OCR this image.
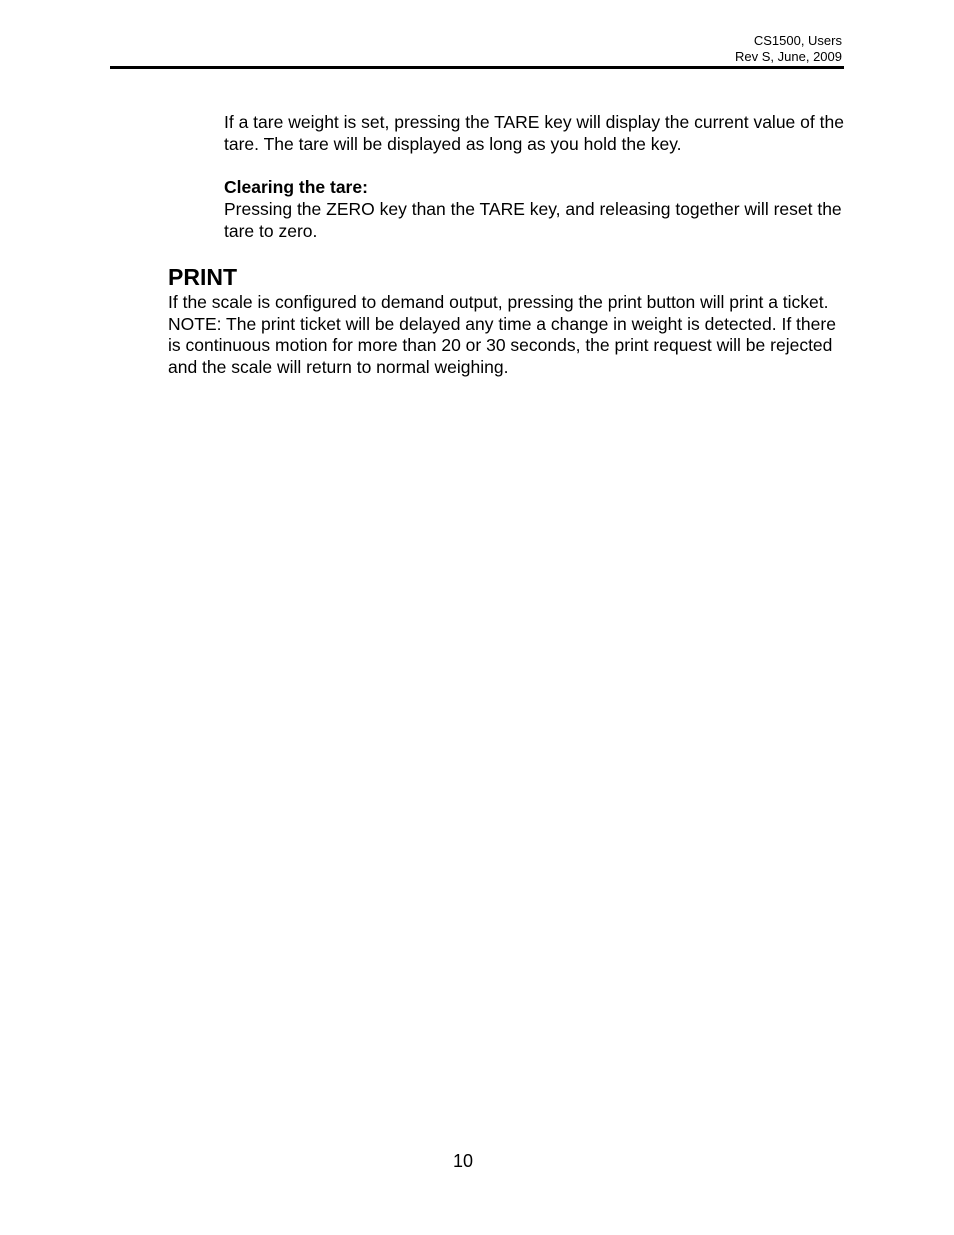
CS1500, Users
Rev S, June, 2009

If a tare weight is set, pressing the TARE key will display the current value of the tare. The tare will be displayed as long as you hold the key.

Clearing the tare:

Pressing the ZERO key than the TARE key, and releasing together will reset the tare to zero.

PRINT

If the scale is configured to demand output, pressing the print button will print a ticket. NOTE: The print ticket will be delayed any time a change in weight is detected. If there is continuous motion for more than 20 or 30 seconds, the print request will be rejected and the scale will return to normal weighing.

10
